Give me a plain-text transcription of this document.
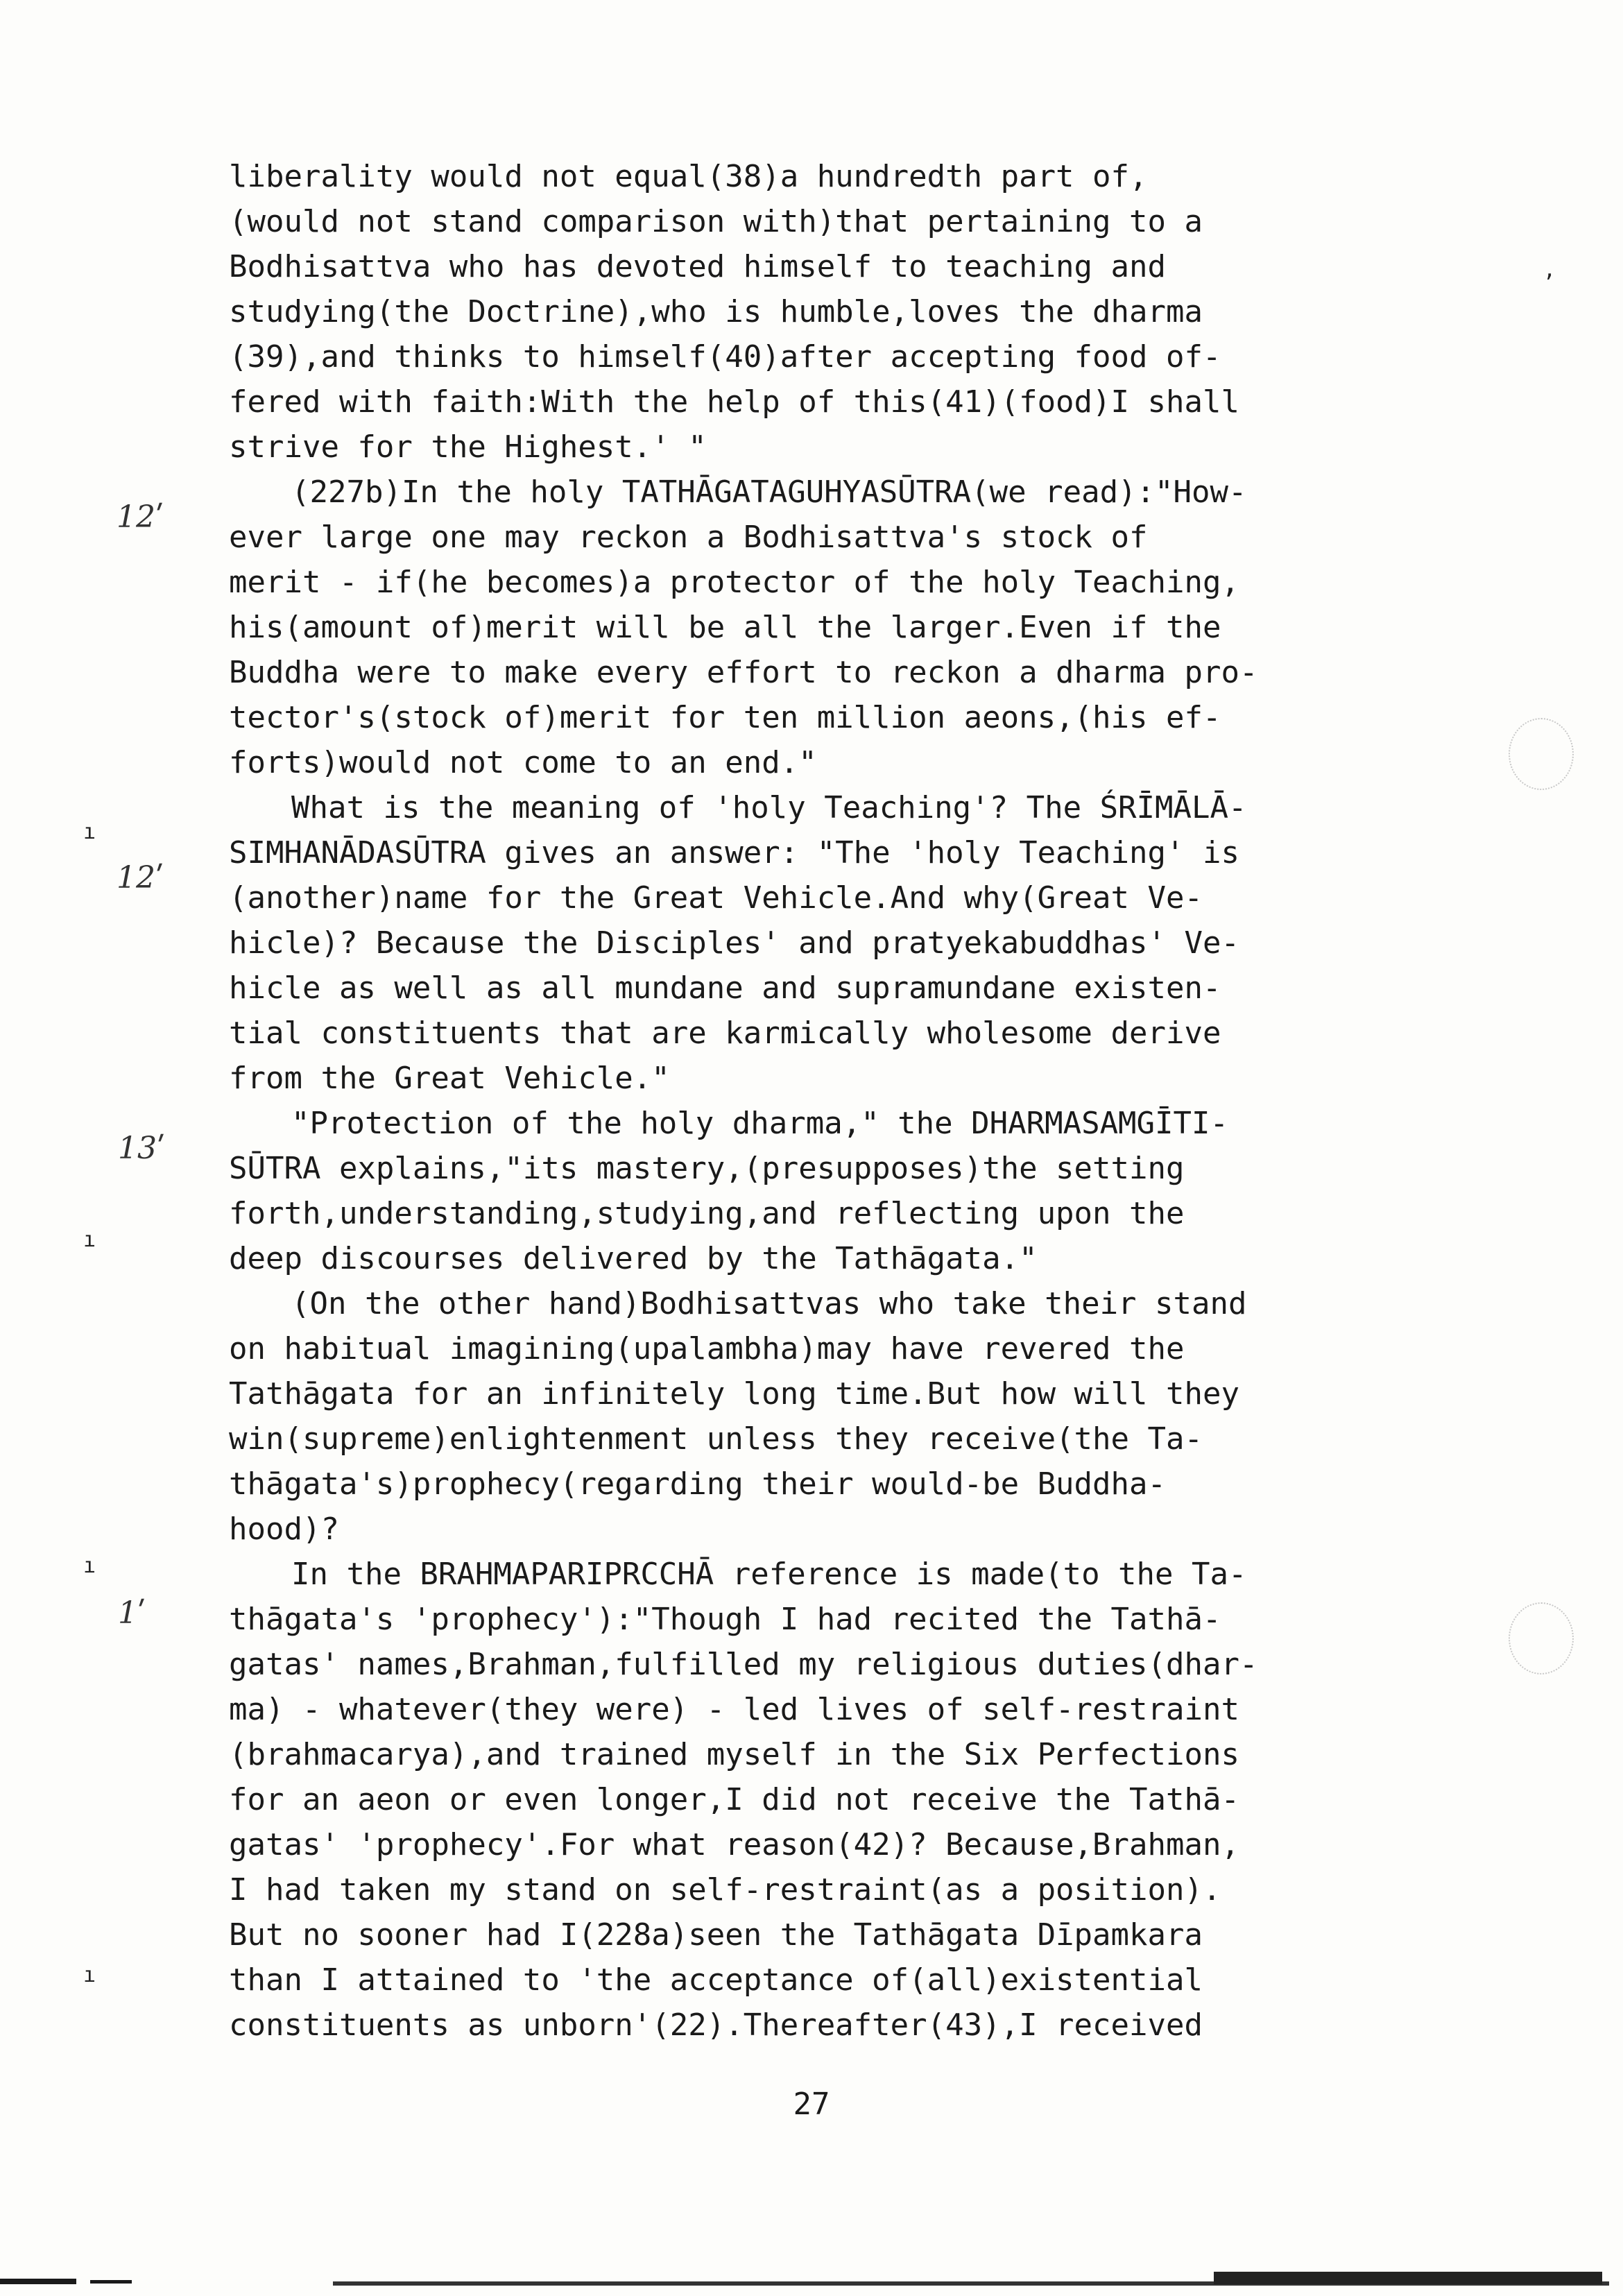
liberality would not equal(38)a hundredth part of,
(would not stand comparison with)that pertaining to a
Bodhisattva who has devoted himself to teaching and
studying(the Doctrine),who is humble,loves the dharma
(39),and thinks to himself(40)after accepting food of-
fered with faith:With the help of this(41)(food)I shall
strive for the Highest.' "
(227b)In the holy TATHĀGATAGUHYASŪTRA(we read):"How-
ever large one may reckon a Bodhisattva's stock of
merit - if(he becomes)a protector of the holy Teaching,
his(amount of)merit will be all the larger.Even if the
Buddha were to make every effort to reckon a dharma pro-
tector's(stock of)merit for ten million aeons,(his ef-
forts)would not come to an end."
What is the meaning of 'holy Teaching'? The ŚRĪMĀLĀ-
SIMHANĀDASŪTRA gives an answer: "The 'holy Teaching' is
(another)name for the Great Vehicle.And why(Great Ve-
hicle)? Because the Disciples' and pratyekabuddhas' Ve-
hicle as well as all mundane and supramundane existen-
tial constituents that are karmically wholesome derive
from the Great Vehicle."
"Protection of the holy dharma," the DHARMASAMGĪTI-
SŪTRA explains,"its mastery,(presupposes)the setting
forth,understanding,studying,and reflecting upon the
deep discourses delivered by the Tathāgata."
(On the other hand)Bodhisattvas who take their stand
on habitual imagining(upalambha)may have revered the
Tathāgata for an infinitely long time.But how will they
win(supreme)enlightenment unless they receive(the Ta-
thāgata's)prophecy(regarding their would-be Buddha-
hood)?
In the BRAHMAPARIPRCCHĀ reference is made(to the Ta-
thāgata's 'prophecy'):"Though I had recited the Tathā-
gatas' names,Brahman,fulfilled my religious duties(dhar-
ma) - whatever(they were) - led lives of self-restraint
(brahmacarya),and trained myself in the Six Perfections
for an aeon or even longer,I did not receive the Tathā-
gatas' 'prophecy'.For what reason(42)? Because,Brahman,
I had taken my stand on self-restraint(as a position).
But no sooner had I(228a)seen the Tathāgata Dīpamkara
than I attained to 'the acceptance of(all)existential
constituents as unborn'(22).Thereafter(43),I received
12ʹ
12ʹ
13ʹ
1ʹ
ı
ı
ı
ı
,
27
